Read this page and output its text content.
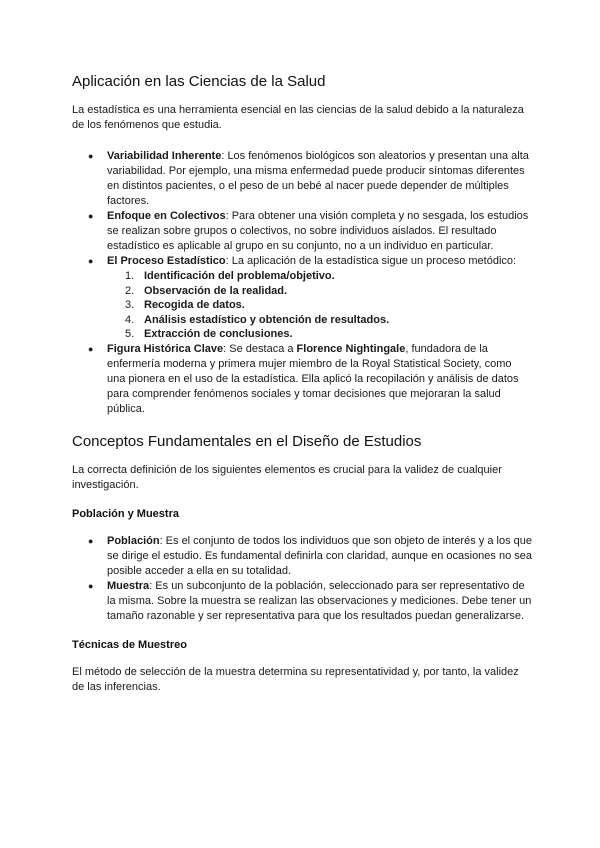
Aplicación en las Ciencias de la Salud

La estadística es una herramienta esencial en las ciencias de la salud debido a la naturaleza de los fenómenos que estudia.

● Variabilidad Inherente: Los fenómenos biológicos son aleatorios y presentan una alta variabilidad. Por ejemplo, una misma enfermedad puede producir síntomas diferentes en distintos pacientes, o el peso de un bebé al nacer puede depender de múltiples factores.
● Enfoque en Colectivos: Para obtener una visión completa y no sesgada, los estudios se realizan sobre grupos o colectivos, no sobre individuos aislados. El resultado estadístico es aplicable al grupo en su conjunto, no a un individuo en particular.
● El Proceso Estadístico: La aplicación de la estadística sigue un proceso metódico:
1. Identificación del problema/objetivo.
2. Observación de la realidad.
3. Recogida de datos.
4. Análisis estadístico y obtención de resultados.
5. Extracción de conclusiones.
● Figura Histórica Clave: Se destaca a Florence Nightingale, fundadora de la enfermería moderna y primera mujer miembro de la Royal Statistical Society, como una pionera en el uso de la estadística. Ella aplicó la recopilación y análisis de datos para comprender fenómenos sociales y tomar decisiones que mejoraran la salud pública.
Conceptos Fundamentales en el Diseño de Estudios

La correcta definición de los siguientes elementos es crucial para la validez de cualquier investigación.

Población y Muestra
● Población: Es el conjunto de todos los individuos que son objeto de interés y a los que se dirige el estudio. Es fundamental definirla con claridad, aunque en ocasiones no sea posible acceder a ella en su totalidad.
● Muestra: Es un subconjunto de la población, seleccionado para ser representativo de la misma. Sobre la muestra se realizan las observaciones y mediciones. Debe tener un tamaño razonable y ser representativa para que los resultados puedan generalizarse.
Técnicas de Muestreo

El método de selección de la muestra determina su representatividad y, por tanto, la validez de las inferencias.
